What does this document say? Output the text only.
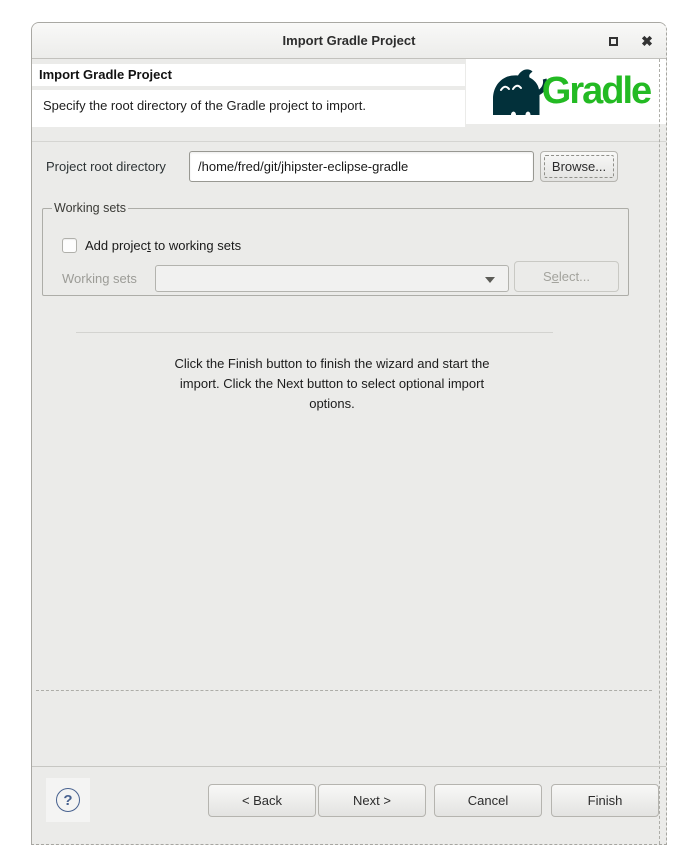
Import Gradle Project	✖
Import Gradle Project
Specify the root directory of the Gradle project to import.	Gradle
Project root directory
/home/fred/git/jhipster-eclipse-gradle	Browse...
Working sets
Add project to working sets
Working sets	Select...
Click the Finish button to finish the wizard and start the
import. Click the Next button to select optional import
options.
?	< Back	Next >	Cancel	Finish
